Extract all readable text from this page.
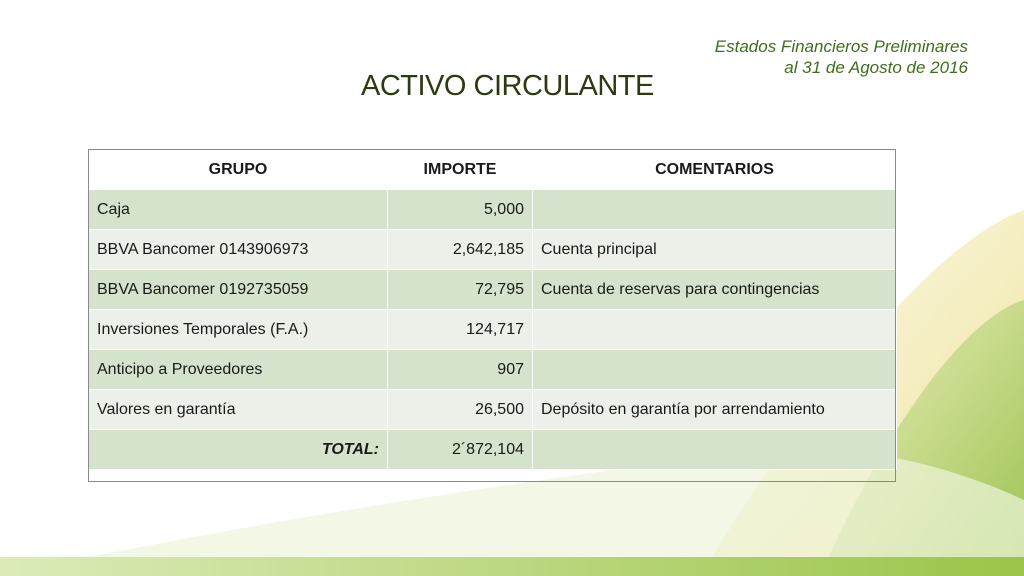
Estados Financieros Preliminares
al 31 de Agosto de 2016
ACTIVO CIRCULANTE
GRUPO	IMPORTE	COMENTARIOS
Caja	5,000	
BBVA Bancomer 0143906973	2,642,185	Cuenta principal
BBVA Bancomer 0192735059	72,795	Cuenta de reservas para contingencias
Inversiones Temporales (F.A.)	124,717	
Anticipo a Proveedores	907	
Valores en garantía	26,500	Depósito en garantía por arrendamiento
TOTAL:	2´872,104	
